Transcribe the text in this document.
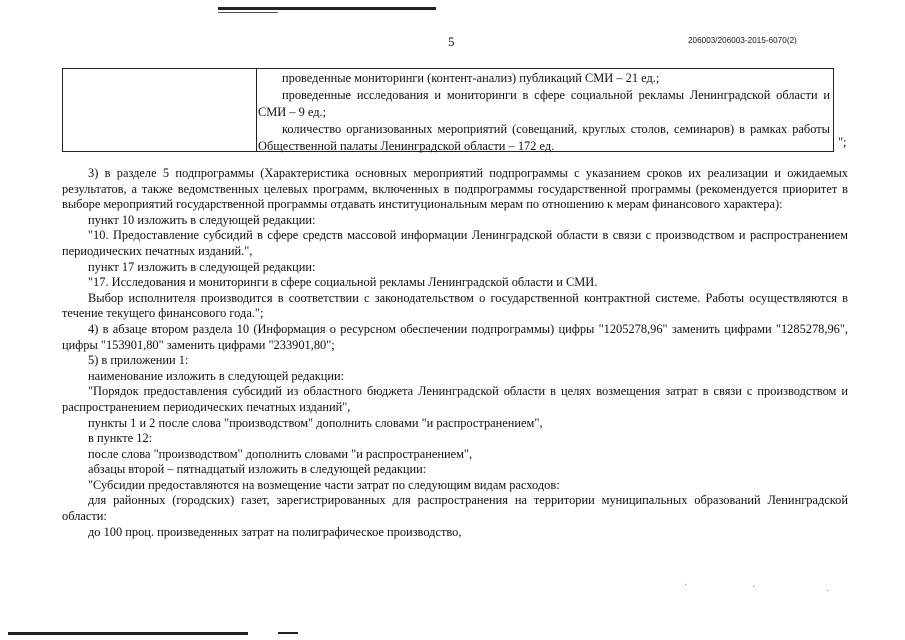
5	206003/206003-2015-6070(2)

проведенные мониторинги (контент-анализ) публикаций СМИ – 21 ед.;

проведенные исследования и мониторинги в сфере социальной рекламы Ленинградской области и СМИ – 9 ед.;

количество организованных мероприятий (совещаний, круглых столов, семинаров) в рамках работы Общественной палаты Ленинградской области – 172 ед.	";

3) в разделе 5 подпрограммы (Характеристика основных мероприятий подпрограммы с указанием сроков их реализации и ожидаемых результатов, а также ведомственных целевых программ, включенных в подпрограммы государственной программы (рекомендуется приоритет в выборе мероприятий государственной программы отдавать институциональным мерам по отношению к мерам финансового характера):

пункт 10 изложить в следующей редакции:

"10. Предоставление субсидий в сфере средств массовой информации Ленинградской области в связи с производством и распространением периодических печатных изданий.",

пункт 17 изложить в следующей редакции:

"17. Исследования и мониторинги в сфере социальной рекламы Ленинградской области и СМИ.

Выбор исполнителя производится в соответствии с законодательством о государственной контрактной системе. Работы осуществляются в течение текущего финансового года.";

4) в абзаце втором раздела 10 (Информация о ресурсном обеспечении подпрограммы) цифры "1205278,96" заменить цифрами "1285278,96", цифры "153901,80" заменить цифрами "233901,80";

5) в приложении 1:

наименование изложить в следующей редакции:

"Порядок предоставления субсидий из областного бюджета Ленинградской области в целях возмещения затрат в связи с производством и распространением периодических печатных изданий",

пункты 1 и 2 после слова "производством" дополнить словами "и распространением",

в пункте 12:

после слова "производством" дополнить словами "и распространением",

абзацы второй – пятнадцатый изложить в следующей редакции:

"Субсидии предоставляются на возмещение части затрат по следующим видам расходов:

для районных (городских) газет, зарегистрированных для распространения на территории муниципальных образований Ленинградской области:

до 100 проц. произведенных затрат на полиграфическое производство,

·	·	·
